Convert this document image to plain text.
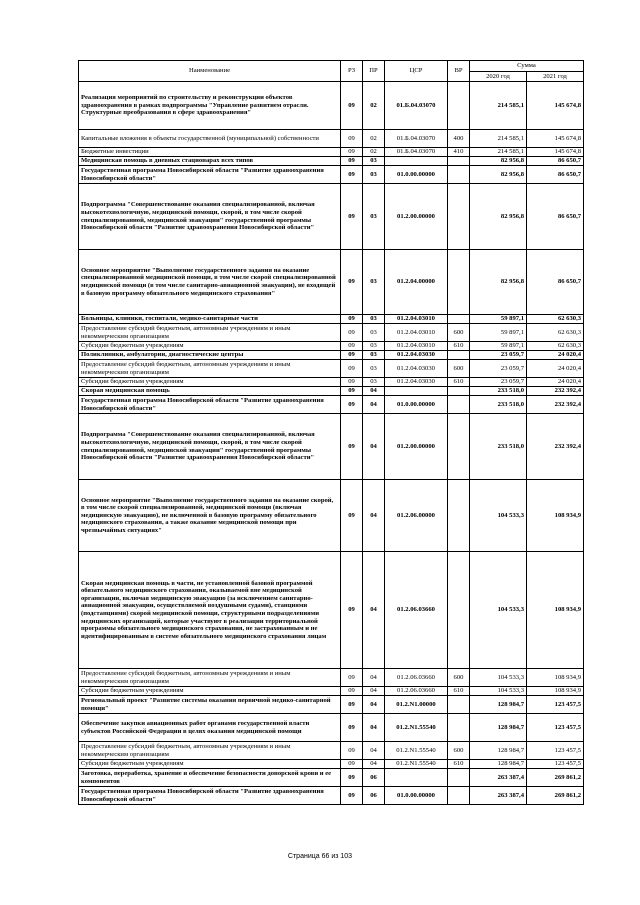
Наименование	РЗ	ПР	ЦСР	ВР	Сумма	
					2020 год	2021 год
Реализация мероприятий по строительству и реконструкции объектов здравоохранения в рамках подпрограммы "Управление развитием отрасли. Структурные преобразования в сфере здравоохранения"	09	02	01.Б.04.03070		214 585,1	145 674,8
Капитальные вложения в объекты государственной (муниципальной) собственности	09	02	01.Б.04.03070	400	214 585,1	145 674,8
Бюджетные инвестиции	09	02	01.Б.04.03070	410	214 585,1	145 674,8
Медицинская помощь в дневных стационарах всех типов	09	03			82 956,8	86 650,7
Государственная программа Новосибирской области "Развитие здравоохранения Новосибирской области"	09	03	01.0.00.00000		82 956,8	86 650,7
Подпрограмма "Совершенствование оказания специализированной, включая высокотехнологичную, медицинской помощи, скорой, в том числе скорой специализированной, медицинской эвакуации" государственной программы Новосибирской области "Развитие здравоохранения Новосибирской области"	09	03	01.2.00.00000		82 956,8	86 650,7
Основное мероприятие "Выполнение государственного задания на оказание специализированной медицинской помощи, в том числе скорой специализированной медицинской помощи (в том числе санитарно-авиационной эвакуации), не входящей в базовую программу обязательного медицинского страхования"	09	03	01.2.04.00000		82 956,8	86 650,7
Больницы, клиники, госпитали, медико-санитарные части	09	03	01.2.04.03010		59 897,1	62 630,3
Предоставление субсидий бюджетным, автономным учреждениям и иным некоммерческим организациям	09	03	01.2.04.03010	600	59 897,1	62 630,3
Субсидии бюджетным учреждениям	09	03	01.2.04.03010	610	59 897,1	62 630,3
Поликлиники, амбулатории, диагностические центры	09	03	01.2.04.03030		23 059,7	24 020,4
Предоставление субсидий бюджетным, автономным учреждениям и иным некоммерческим организациям	09	03	01.2.04.03030	600	23 059,7	24 020,4
Субсидии бюджетным учреждениям	09	03	01.2.04.03030	610	23 059,7	24 020,4
Скорая медицинская помощь	09	04			233 518,0	232 392,4
Государственная программа Новосибирской области "Развитие здравоохранения Новосибирской области"	09	04	01.0.00.00000		233 518,0	232 392,4
Подпрограмма "Совершенствование оказания специализированной, включая высокотехнологичную, медицинской помощи, скорой, в том числе скорой специализированной, медицинской эвакуации" государственной программы Новосибирской области "Развитие здравоохранения Новосибирской области"	09	04	01.2.00.00000		233 518,0	232 392,4
Основное мероприятие "Выполнение государственного задания на оказание скорой, в том числе скорой специализированной, медицинской помощи (включая медицинскую эвакуацию), не включенной в базовую программу обязательного медицинского страхования, а также оказание медицинской помощи при чрезвычайных ситуациях"	09	04	01.2.06.00000		104 533,3	108 934,9
Скорая медицинская помощь в части, не установленной базовой программой обязательного медицинского страхования, оказываемой вне медицинской организации, включая медицинскую эвакуацию (за исключением санитарно-авиационной эвакуации, осуществляемой воздушными судами), станциями (подстанциями) скорой медицинской помощи, структурными подразделениями медицинских организаций, которые участвуют в реализации территориальной программы обязательного медицинского страхования, не застрахованным и не идентифицированным в системе обязательного медицинского страхования лицам	09	04	01.2.06.03660		104 533,3	108 934,9
Предоставление субсидий бюджетным, автономным учреждениям и иным некоммерческим организациям	09	04	01.2.06.03660	600	104 533,3	108 934,9
Субсидии бюджетным учреждениям	09	04	01.2.06.03660	610	104 533,3	108 934,9
Региональный проект "Развитие системы оказания первичной медико-санитарной помощи"	09	04	01.2.N1.00000		128 984,7	123 457,5
Обеспечение закупки авиационных работ органами государственной власти субъектов Российской Федерации в целях оказания медицинской помощи	09	04	01.2.N1.55540		128 984,7	123 457,5
Предоставление субсидий бюджетным, автономным учреждениям и иным некоммерческим организациям	09	04	01.2.N1.55540	600	128 984,7	123 457,5
Субсидии бюджетным учреждениям	09	04	01.2.N1.55540	610	128 984,7	123 457,5
Заготовка, переработка, хранение и обеспечение безопасности донорской крови и ее компонентов	09	06			263 387,4	269 861,2
Государственная программа Новосибирской области "Развитие здравоохранения Новосибирской области"	09	06	01.0.00.00000		263 387,4	269 861,2
Страница 66 из 103
